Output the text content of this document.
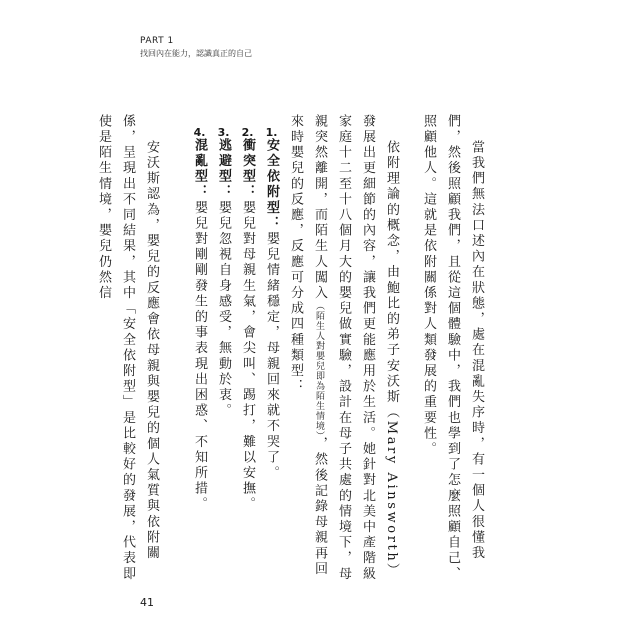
PART 1
找回內在能力，認識真正的自己

當我們無法口述內在狀態，處在混亂失序時，有一個人很懂我們，然後照顧我們，且從這個體驗中，我們也學到了怎麼照顧自己、照顧他人。這就是依附關係對人類發展的重要性。

依附理論的概念，由鮑比的弟子安沃斯（Mary Ainsworth）發展出更細節的內容，讓我們更能應用於生活。她針對北美中產階級家庭十二至十八個月大的嬰兒做實驗，設計在母子共處的情境下，母親突然離開，而陌生人闖入（陌生人對嬰兒即為陌生情境），然後記錄母親再回來時嬰兒的反應，反應可分成四種類型：

1.安全依附型：嬰兒情緒穩定，母親回來就不哭了。

2.衝突型：嬰兒對母親生氣，會尖叫、踢打，難以安撫。

3.逃避型：嬰兒忽視自身感受，無動於衷。

4.混亂型：嬰兒對剛剛發生的事表現出困惑、不知所措。

安沃斯認為，嬰兒的反應會依母親與嬰兒的個人氣質與依附關係，呈現出不同結果，其中「安全依附型」是比較好的發展，代表即使是陌生情境，嬰兒仍然信

41
